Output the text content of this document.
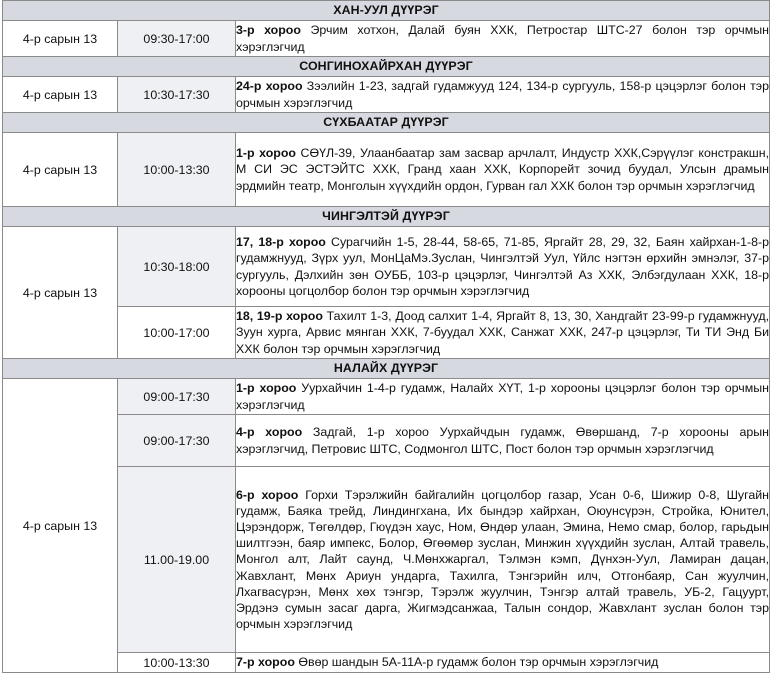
ХАН-УУЛ ДҮҮРЭГ		
4-р сарын 13	09:30-17:00	3-р хороо Эрчим хотхон, Далай буян ХХК, Петростар ШТС-27 болон тэр орчмын хэрэглэгчид
СОНГИНОХАЙРХАН ДҮҮРЭГ		
4-р сарын 13	10:30-17:30	24-р хороо Зээлийн 1-23, задгай гудамжууд 124, 134-р сургууль, 158-р цэцэрлэг болон тэр орчмын хэрэглэгчид
СҮХБААТАР ДҮҮРЭГ		
4-р сарын 13	10:00-13:30	1-р хороо СӨҮЛ-39, Улаанбаатар зам засвар арчлалт, Индустр ХХК,Сэрүүлэг констракшн, М СИ ЭС ЭСТЭЙТС ХХК, Гранд хаан ХХК, Корпорейт зочид буудал, Улсын драмын эрдмийн театр, Монголын хүүхдийн ордон, Гурван гал ХХК болон тэр орчмын хэрэглэгчид
ЧИНГЭЛТЭЙ ДҮҮРЭГ		
4-р сарын 13	10:30-18:00	17, 18-р хороо Сурагчийн 1-5, 28-44, 58-65, 71-85, Яргайт 28, 29, 32, Баян хайрхан-1-8-р гудамжнууд, Зүрх уул, МонЦаМэ.Зуслан, Чингэлтэй Уул, Үйлс нэгтэн өрхийн эмнэлэг, 37-р сургууль, Дэлхийн зөн ОУББ, 103-р цэцэрлэг, Чингэлтэй Аз ХХК, Элбэгдулаан ХХК, 18-р хорооны цогцолбор болон тэр орчмын хэрэглэгчид
	10:00-17:00	18, 19-р хороо Тахилт 1-3, Доод салхит 1-4, Яргайт 8, 13, 30, Хандгайт 23-99-р гудамжнууд, Зуун хурга, Арвис мянган ХХК, 7-буудал ХХК, Санжат ХХК, 247-р цэцэрлэг, Ти ТИ Энд Би ХХК болон тэр орчмын хэрэглэгчид
НАЛАЙХ ДҮҮРЭГ		
4-р сарын 13	09:00-17:30	1-р хороо Уурхайчин 1-4-р гудамж, Налайх ХҮТ, 1-р хорооны цэцэрлэг болон тэр орчмын хэрэглэгчид
	09:00-17:30	4-р хороо Задгай, 1-р хороо Уурхайчдын гудамж, Өвөршанд, 7-р хорооны арын хэрэглэгчид, Петровис ШТС, Содмонгол ШТС, Пост болон тэр орчмын хэрэглэгчид
	11.00-19.00	6-р хороо Горхи Тэрэлжийн байгалийн цогцолбор газар, Усан 0-6, Шижир 0-8, Шугайн гудамж, Баяка трейд, Линдингхана, Их бындэр хайрхан, Оюунсүрэн, Стройка, Юнител, Цэрэндорж, Төгөлдөр, Гюүдэн хаус, Ном, Өндөр улаан, Эмина, Немо смар, болор, гарьдын шилтгээн, баяр импекс, Болор, Өгөөмөр зуслан, Минжин хүүхдийн зуслан, Алтай травель, Монгол алт, Лайт саунд, Ч.Мөнхжаргал, Тэлмэн кэмп, Дүнхэн-Уул, Ламиран дацан, Жавхлант, Мөнх Ариун ундарга, Тахилга, Тэнгэрийн илч, Отгонбаяр, Сан жуулчин, Лхагвасүрэн, Мөнх хөх тэнгэр, Тэрэлж жуулчин, Тэнгэр алтай травель, УБ-2, Гацуурт, Эрдэнэ сумын засаг дарга, Жигмэдсанжаа, Талын сондор, Жавхлант зуслан болон тэр орчмын хэрэглэгчид
	10:00-13:30	7-р хороо Өвөр шандын 5А-11А-р гудамж болон тэр орчмын хэрэглэгчид
